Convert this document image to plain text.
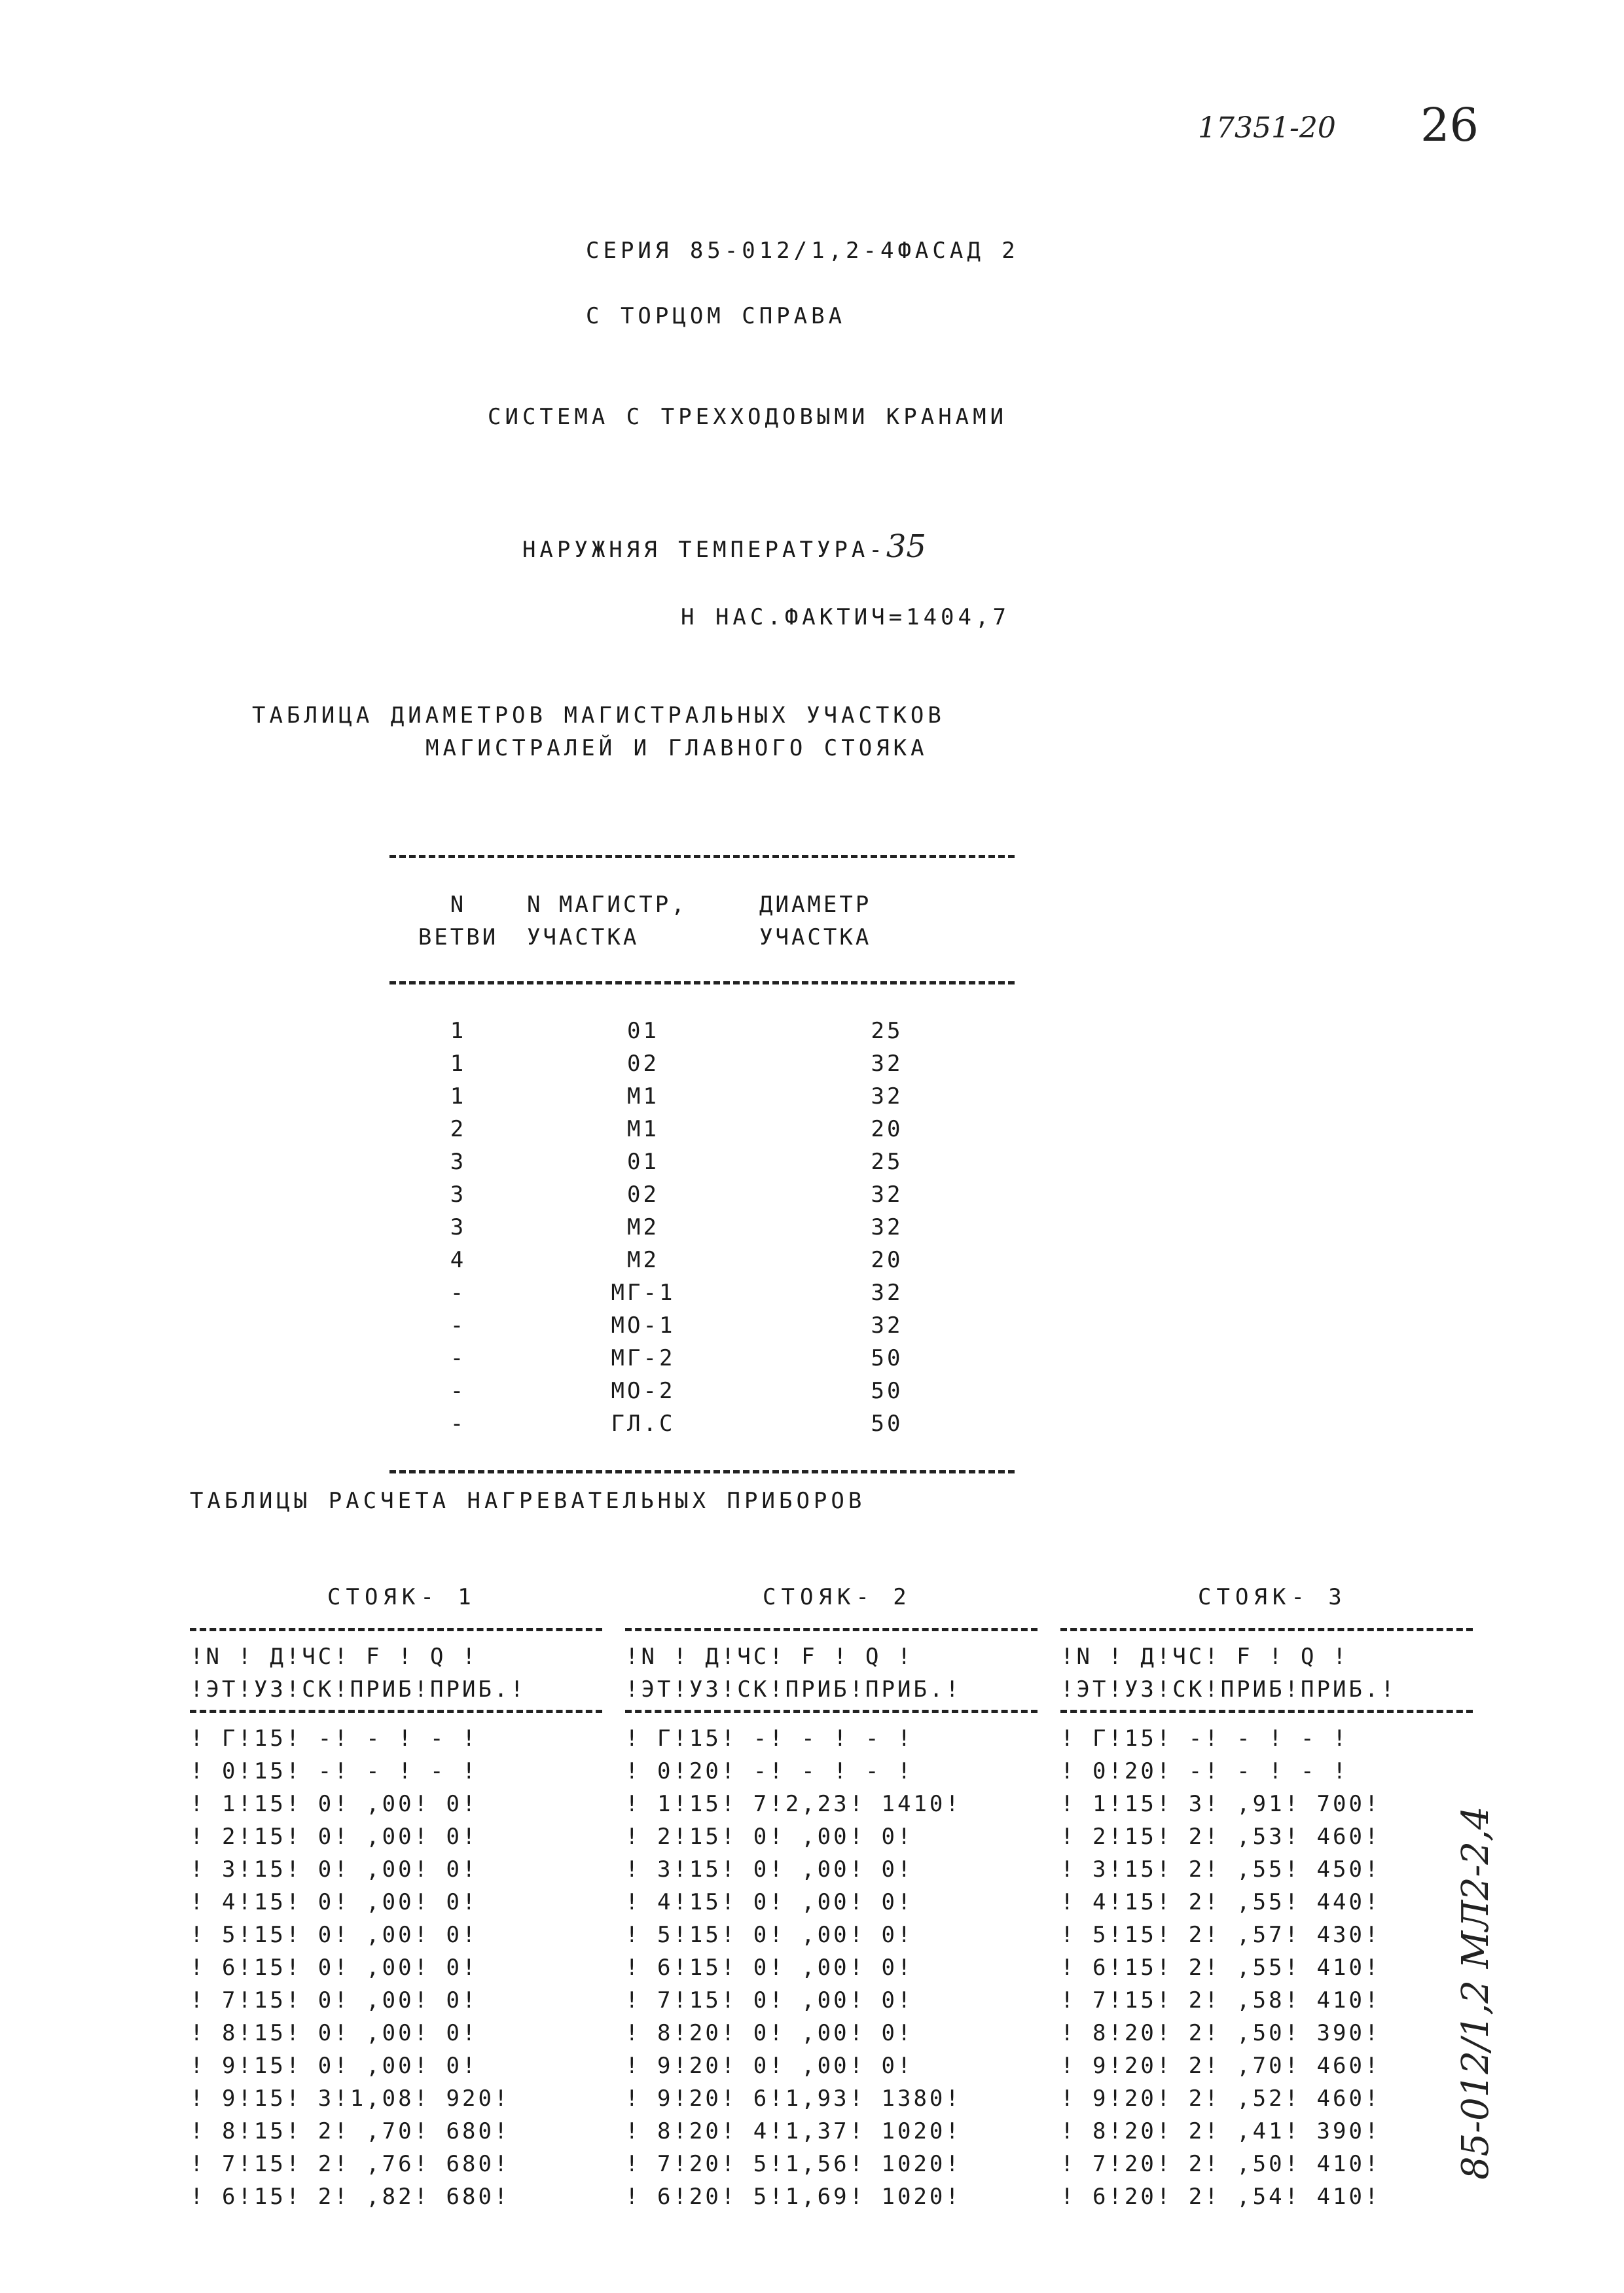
17351-20 26
СЕРИЯ 85-012/1,2-4ФАСАД 2
С ТОРЦОМ СПРАВА
СИСТЕМА С ТРЕХХОДОВЫМИ КРАНАМИ

НАРУЖНЯЯ ТЕМПЕРАТУРА-35

Н НАС.ФАКТИЧ=1404,7
ТАБЛИЦА ДИАМЕТРОВ МАГИСТРАЛЬНЫХ УЧАСТКОВ
МАГИСТРАЛЕЙ И ГЛАВНОГО СТОЯКА

N	N МАГИСТР,	ДИАМЕТР
ВЕТВИ	УЧАСТКА	УЧАСТКА

1	01	25
1	02	32
1	М1	32
2	М1	20
3	01	25
3	02	32
3	М2	32
4	М2	20
-	МГ-1	32
-	МО-1	32
-	МГ-2	50
-	МО-2	50
-	ГЛ.С	50

ТАБЛИЦЫ РАСЧЕТА НАГРЕВАТЕЛЬНЫХ ПРИБОРОВ
СТОЯК- 1
!N ! Д!ЧС! F ! Q !
!ЭТ!УЗ!СК!ПРИБ!ПРИБ.!
! Г!15! -! - ! - !
! 0!15! -! - ! - !
! 1!15! 0! ,00! 0!
! 2!15! 0! ,00! 0!
! 3!15! 0! ,00! 0!
! 4!15! 0! ,00! 0!
! 5!15! 0! ,00! 0!
! 6!15! 0! ,00! 0!
! 7!15! 0! ,00! 0!
! 8!15! 0! ,00! 0!
! 9!15! 0! ,00! 0!
! 9!15! 3!1,08! 920!
! 8!15! 2! ,70! 680!
! 7!15! 2! ,76! 680!
! 6!15! 2! ,82! 680!
СТОЯК- 2
!N ! Д!ЧС! F ! Q !
!ЭТ!УЗ!СК!ПРИБ!ПРИБ.!
! Г!15! -! - ! - !
! 0!20! -! - ! - !
! 1!15! 7!2,23! 1410!
! 2!15! 0! ,00! 0!
! 3!15! 0! ,00! 0!
! 4!15! 0! ,00! 0!
! 5!15! 0! ,00! 0!
! 6!15! 0! ,00! 0!
! 7!15! 0! ,00! 0!
! 8!20! 0! ,00! 0!
! 9!20! 0! ,00! 0!
! 9!20! 6!1,93! 1380!
! 8!20! 4!1,37! 1020!
! 7!20! 5!1,56! 1020!
! 6!20! 5!1,69! 1020!
СТОЯК- 3
!N ! Д!ЧС! F ! Q !
!ЭТ!УЗ!СК!ПРИБ!ПРИБ.!
! Г!15! -! - ! - !
! 0!20! -! - ! - !
! 1!15! 3! ,91! 700!
! 2!15! 2! ,53! 460!
! 3!15! 2! ,55! 450!
! 4!15! 2! ,55! 440!
! 5!15! 2! ,57! 430!
! 6!15! 2! ,55! 410!
! 7!15! 2! ,58! 410!
! 8!20! 2! ,50! 390!
! 9!20! 2! ,70! 460!
! 9!20! 2! ,52! 460!
! 8!20! 2! ,41! 390!
! 7!20! 2! ,50! 410!
! 6!20! 2! ,54! 410!
85-012/1,2 МЛ2-2,4
